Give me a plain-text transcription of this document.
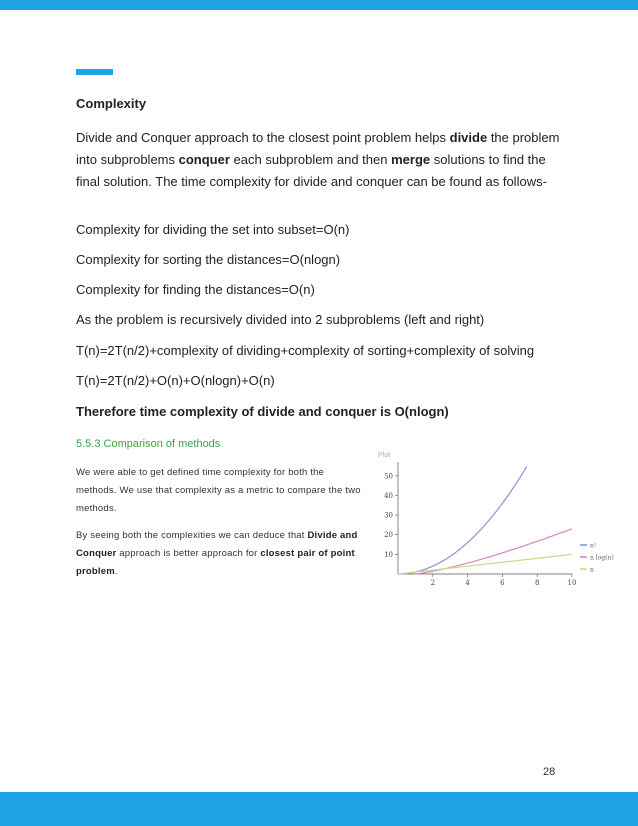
Complexity
Divide and Conquer approach to the closest point problem helps divide the problem into subproblems conquer each subproblem and then merge solutions to find the final solution. The time complexity for divide and conquer can be found as follows-
Complexity for dividing the set into subset=O(n)
Complexity for sorting the distances=O(nlogn)
Complexity for finding the distances=O(n)
As the problem is recursively divided into 2 subproblems (left and right)
T(n)=2T(n/2)+complexity of dividing+complexity of sorting+complexity of solving
T(n)=2T(n/2)+O(n)+O(nlogn)+O(n)
Therefore time complexity of divide and conquer is O(nlogn)
5.5.3 Comparison of methods
We were able to get defined time complexity for both the methods. We use that complexity as a metric to compare the two methods.
By seeing both the complexities we can deduce that Divide and Conquer approach is better approach for closest pair of point problem.
Plot
2	4	6	8	10
10
20
30
40
50
n²
n log(n)
n
28
